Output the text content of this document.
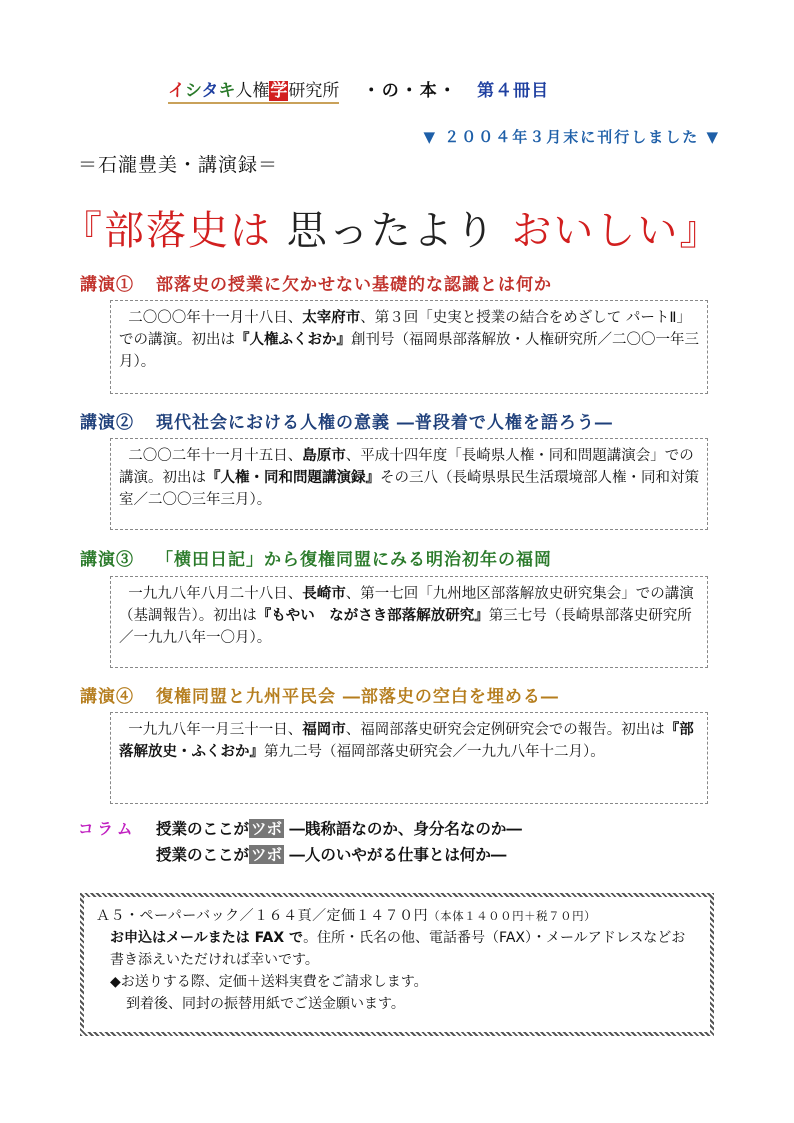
イシタキ人権学研究所 ・の・本・ 第４冊目
▼ ２００４年３月末に刊行しました ▼
＝石瀧豊美・講演録＝
『部落史は 思ったより おいしい』
講演① 部落史の授業に欠かせない基礎的な認識とは何か
二〇〇〇年十一月十八日、太宰府市、第３回「史実と授業の結合をめざして パートⅡ」での講演。初出は『人権ふくおか』創刊号（福岡県部落解放・人権研究所／二〇〇一年三月）。
講演② 現代社会における人権の意義 ―普段着で人権を語ろう―
二〇〇二年十一月十五日、島原市、平成十四年度「長崎県人権・同和問題講演会」での講演。初出は『人権・同和問題講演録』その三八（長崎県県民生活環境部人権・同和対策室／二〇〇三年三月）。
講演③ 「横田日記」から復権同盟にみる明治初年の福岡
一九九八年八月二十八日、長崎市、第一七回「九州地区部落解放史研究集会」での講演（基調報告）。初出は『もやい　ながさき部落解放研究』第三七号（長崎県部落史研究所／一九九八年一〇月）。
講演④ 復権同盟と九州平民会 ―部落史の空白を埋める―
一九九八年一月三十一日、福岡市、福岡部落史研究会定例研究会での報告。初出は『部落解放史・ふくおか』第九二号（福岡部落史研究会／一九九八年十二月）。
コラム 授業のここが ツボ ―賎称語なのか、身分名なのか―
授業のここが ツボ ―人のいやがる仕事とは何か―
Ａ５・ペーパーバック／１６４頁／定価１４７０円（本体１４００円＋税７０円）
お申込はメールまたは FAX で。住所・氏名の他、電話番号（FAX）・メールアドレスなどお書き添えいただければ幸いです。
◆お送りする際、定価＋送料実費をご請求します。
到着後、同封の振替用紙でご送金願います。
